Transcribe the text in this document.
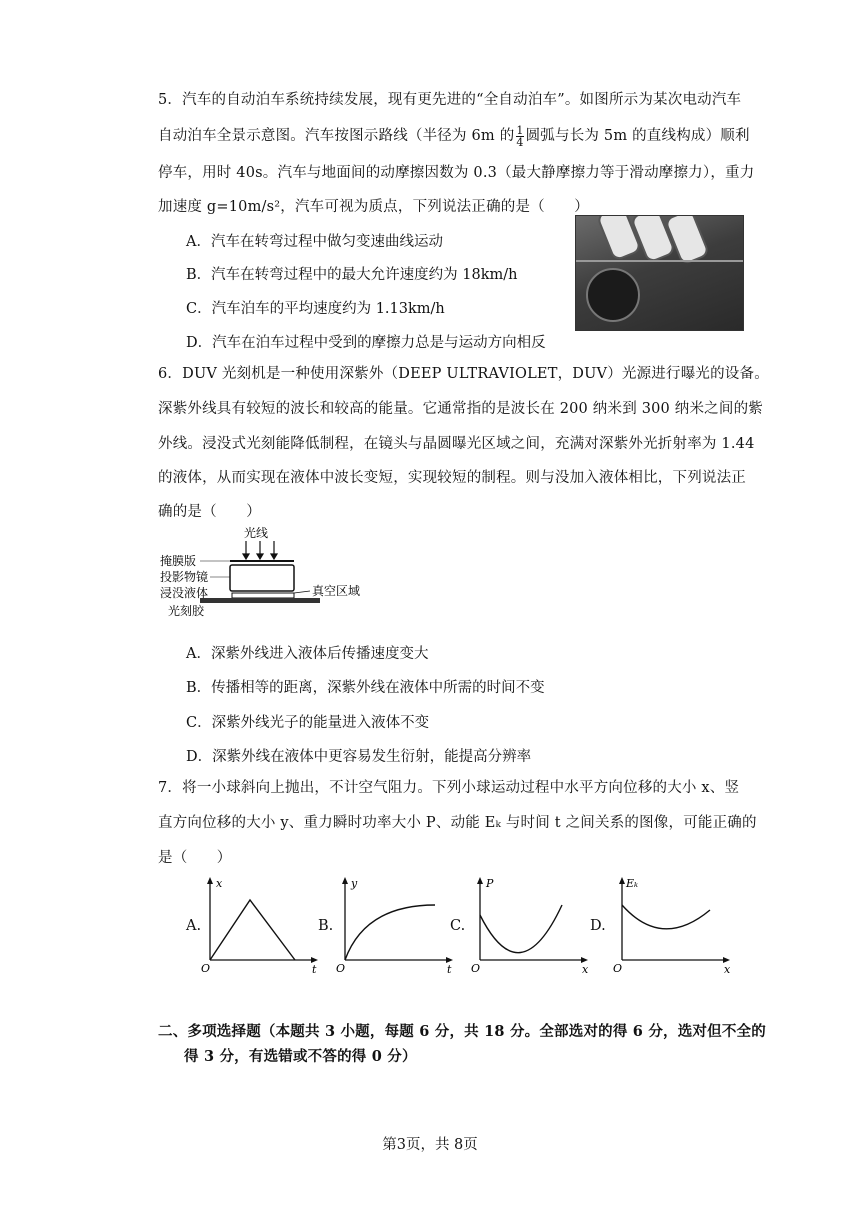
5．汽车的自动泊车系统持续发展，现有更先进的“全自动泊车”。如图所示为某次电动汽车
自动泊车全景示意图。汽车按图示路线（半径为 6m 的 $\frac{1}{4}$ 圆弧与长为 5m 的直线构成）顺利
停车，用时 40s。汽车与地面间的动摩擦因数为 0.3（最大静摩擦力等于滑动摩擦力），重力
加速度 g=10m/s²，汽车可视为质点，下列说法正确的是（　　）
A．汽车在转弯过程中做匀变速曲线运动
B．汽车在转弯过程中的最大允许速度约为 18km/h
C．汽车泊车的平均速度约为 1.13km/h
D．汽车在泊车过程中受到的摩擦力总是与运动方向相反
6．DUV 光刻机是一种使用深紫外（DEEP ULTRAVIOLET，DUV）光源进行曝光的设备。
深紫外线具有较短的波长和较高的能量。它通常指的是波长在 200 纳米到 300 纳米之间的紫
外线。浸没式光刻能降低制程，在镜头与晶圆曝光区域之间，充满对深紫外光折射率为 1.44
的液体，从而实现在液体中波长变短，实现较短的制程。则与没加入液体相比，下列说法正
确的是（　　）
光线
掩膜版
投影物镜
浸没液体
光刻胶
真空区域
A．深紫外线进入液体后传播速度变大
B．传播相等的距离，深紫外线在液体中所需的时间不变
C．深紫外线光子的能量进入液体不变
D．深紫外线在液体中更容易发生衍射，能提高分辨率
7．将一小球斜向上抛出，不计空气阻力。下列小球运动过程中水平方向位移的大小 x、竖
直方向位移的大小 y、重力瞬时功率大小 P、动能 Eₖ 与时间 t 之间关系的图像，可能正确的
是（　　）
A.
x
t
O
B.
y
t
O
C.
P
x
O
D.
Eₖ
x
O
二、多项选择题（本题共 3 小题，每题 6 分，共 18 分。全部选对的得 6 分，选对但不全的
得 3 分，有选错或不答的得 0 分）
第3页，共 8页
